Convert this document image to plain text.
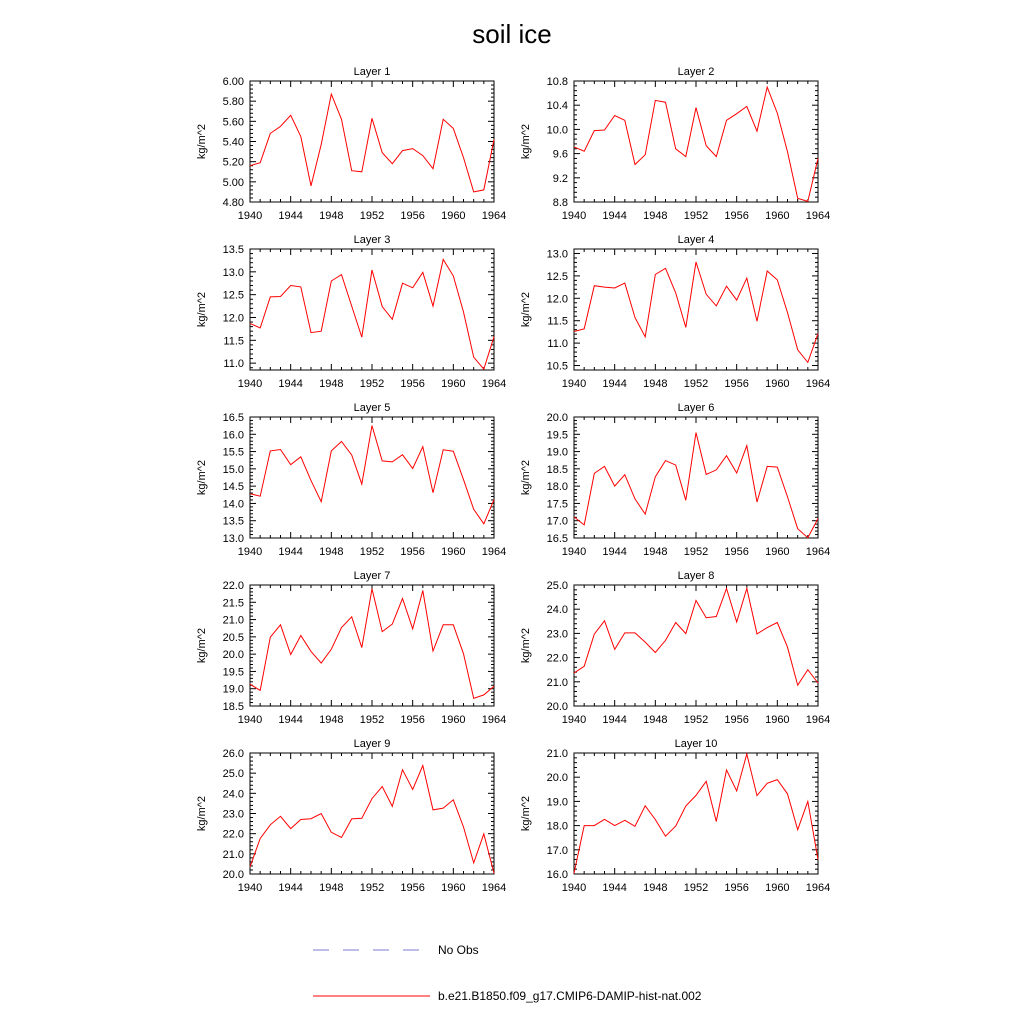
soil ice
Layer 1
1940 1944 1948 1952 1956 1960 1964
4.80
5.00
5.20
5.40
5.60
5.80
6.00
kg/m^2
Layer 2
1940 1944 1948 1952 1956 1960 1964
8.8
9.2
9.6
10.0
10.4
10.8
kg/m^2
Layer 3
1940 1944 1948 1952 1956 1960 1964
11.0
11.5
12.0
12.5
13.0
13.5
kg/m^2
Layer 4
1940 1944 1948 1952 1956 1960 1964
10.5
11.0
11.5
12.0
12.5
13.0
kg/m^2
Layer 5
1940 1944 1948 1952 1956 1960 1964
13.0
13.5
14.0
14.5
15.0
15.5
16.0
16.5
kg/m^2
Layer 6
1940 1944 1948 1952 1956 1960 1964
16.5
17.0
17.5
18.0
18.5
19.0
19.5
20.0
kg/m^2
Layer 7
1940 1944 1948 1952 1956 1960 1964
18.5
19.0
19.5
20.0
20.5
21.0
21.5
22.0
kg/m^2
Layer 8
1940 1944 1948 1952 1956 1960 1964
20.0
21.0
22.0
23.0
24.0
25.0
kg/m^2
Layer 9
1940 1944 1948 1952 1956 1960 1964
20.0
21.0
22.0
23.0
24.0
25.0
26.0
kg/m^2
Layer 10
1940 1944 1948 1952 1956 1960 1964
16.0
17.0
18.0
19.0
20.0
21.0
kg/m^2
No Obs
b.e21.B1850.f09_g17.CMIP6-DAMIP-hist-nat.002
